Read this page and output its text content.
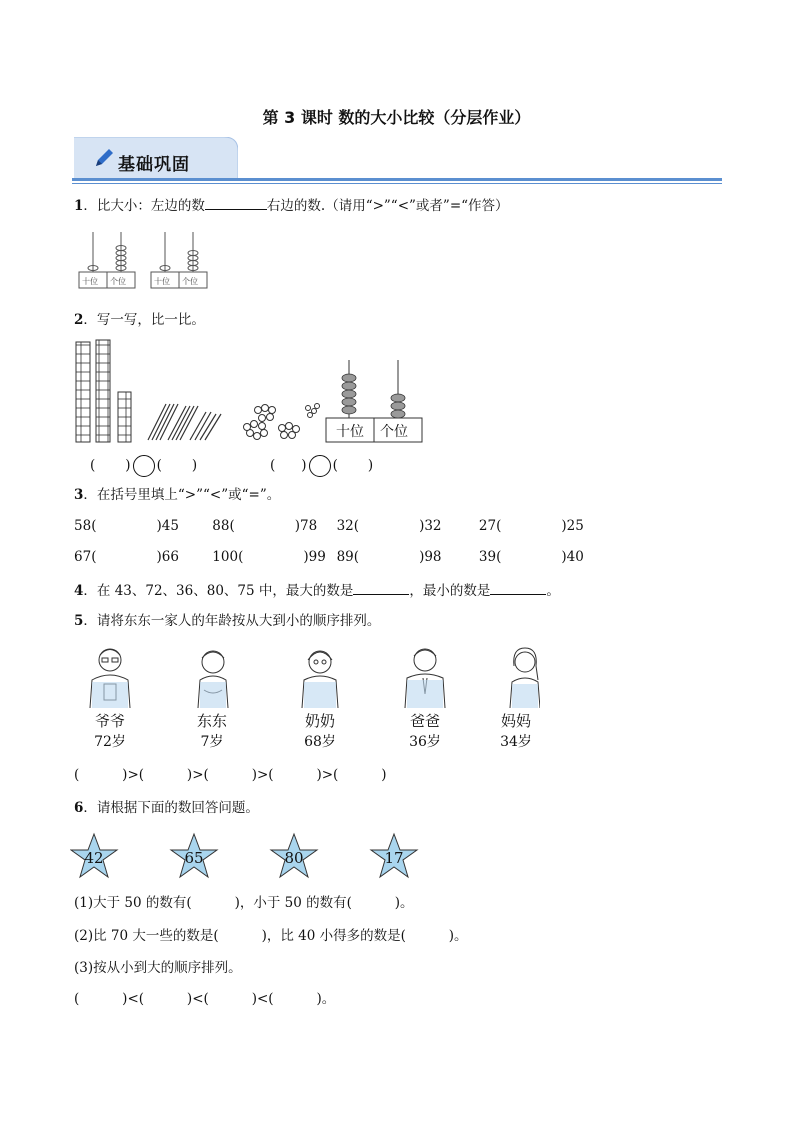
第 3 课时 数的大小比较（分层作业）
基础巩固
1．比大小：左边的数	右边的数.（请用“>”“<”或者”=“作答）
十位 个位	十位 个位
2．写一写，比一比。
十位 个位
( ) ( )	( ) ( )
3．在括号里填上“>”“<”或“=”。
58(	)45 88(	)78 32(	)32	27(	)25
67(	)66 100(	)99 89(	)98	39(	)40
4．在 43、72、36、80、75 中，最大的数是	，最小的数是	。
5．请将东东一家人的年龄按从大到小的顺序排列。
爷爷
72岁
东东
7岁
奶奶
68岁
爸爸
36岁
妈妈
34岁
(          )>(          )>(          )>(          )>(          )
6．请根据下面的数回答问题。
42	65	80	17
(1)大于 50 的数有(          )，小于 50 的数有(          )。
(2)比 70 大一些的数是(          )，比 40 小得多的数是(          )。
(3)按从小到大的顺序排列。
(          )<(          )<(          )<(          )。
